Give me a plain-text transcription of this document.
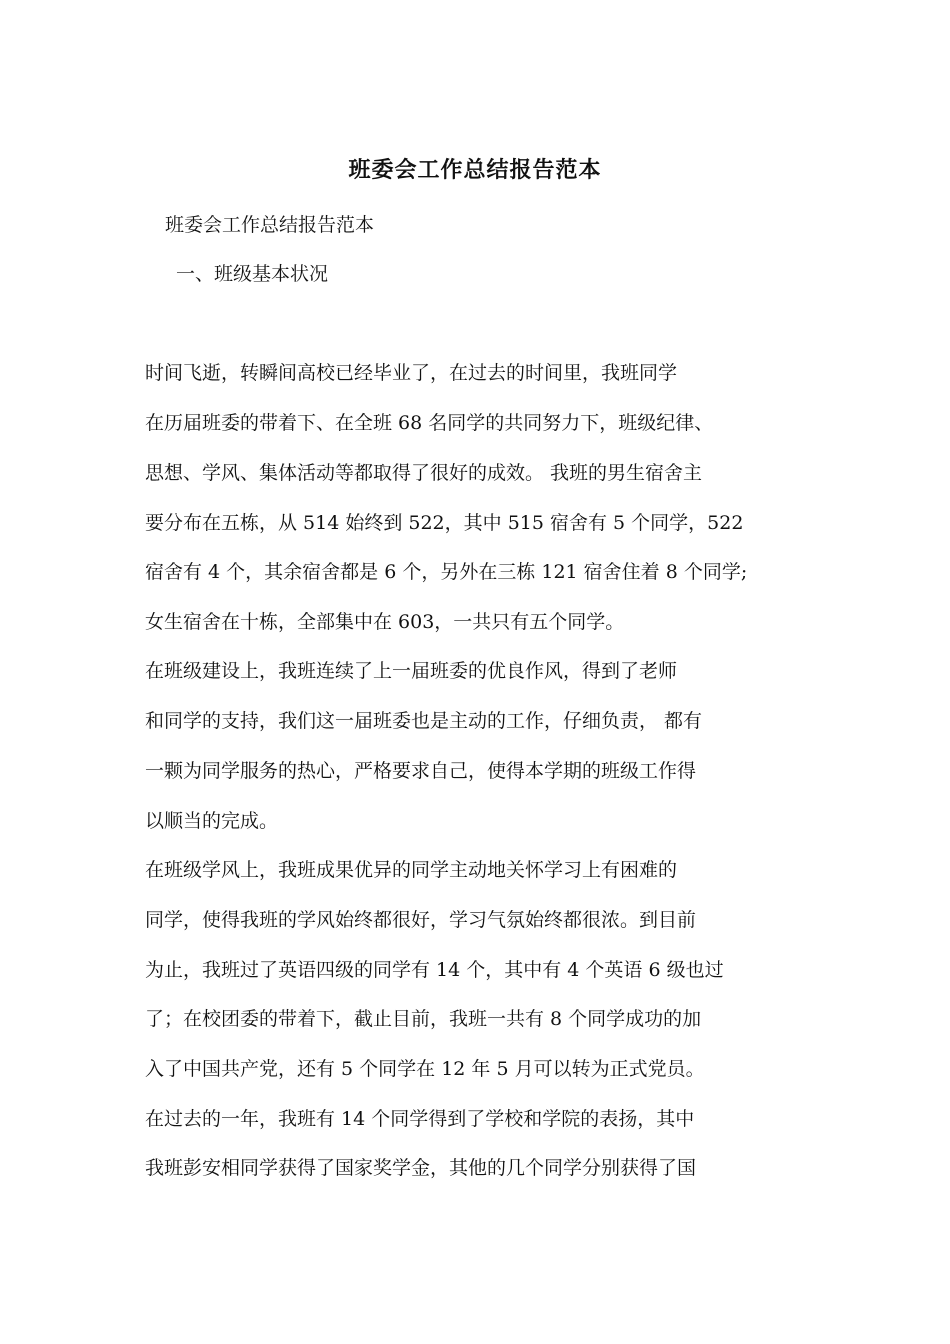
班委会工作总结报告范本
班委会工作总结报告范本
一、班级基本状况
时间飞逝，转瞬间高校已经毕业了，在过去的时间里，我班同学
在历届班委的带着下、在全班 68 名同学的共同努力下，班级纪律、
思想、学风、集体活动等都取得了很好的成效。 我班的男生宿舍主
要分布在五栋，从 514 始终到 522，其中 515 宿舍有 5 个同学，522
宿舍有 4 个，其余宿舍都是 6 个，另外在三栋 121 宿舍住着 8 个同学;
女生宿舍在十栋，全部集中在 603，一共只有五个同学。
在班级建设上，我班连续了上一届班委的优良作风，得到了老师
和同学的支持，我们这一届班委也是主动的工作，仔细负责， 都有
一颗为同学服务的热心，严格要求自己，使得本学期的班级工作得
以顺当的完成。
在班级学风上，我班成果优异的同学主动地关怀学习上有困难的
同学，使得我班的学风始终都很好，学习气氛始终都很浓。到目前
为止，我班过了英语四级的同学有 14 个，其中有 4 个英语 6 级也过
了；在校团委的带着下，截止目前，我班一共有 8 个同学成功的加
入了中国共产党，还有 5 个同学在 12 年 5 月可以转为正式党员。
在过去的一年，我班有 14 个同学得到了学校和学院的表扬，其中
我班彭安相同学获得了国家奖学金，其他的几个同学分别获得了国
